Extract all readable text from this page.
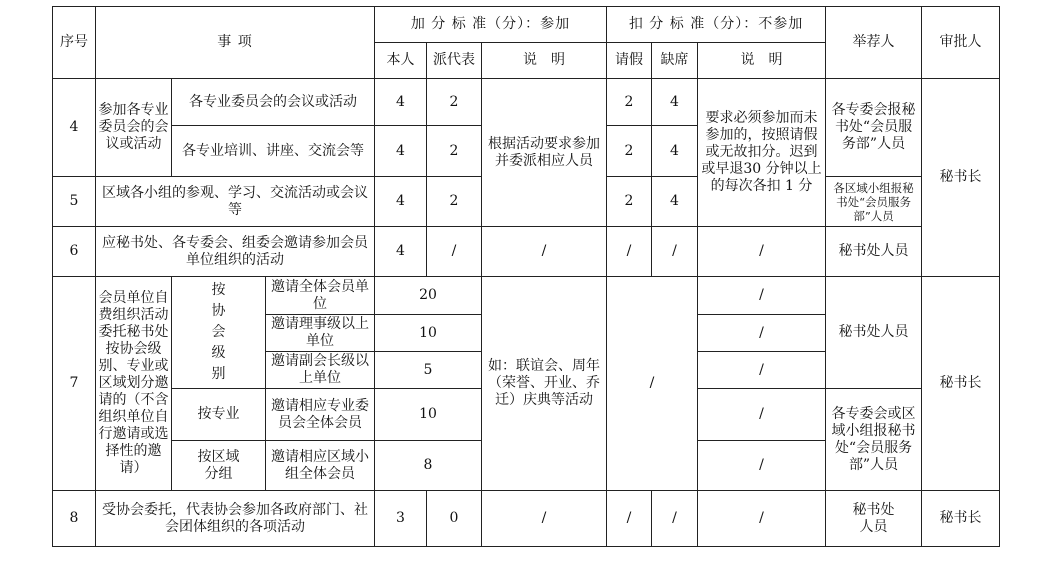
序号	事 项			加 分 标 准（分）：参加			扣 分 标 准（分）：不参加			举荐人	审批人
				本人	派代表	说　明	请假	缺席	说　明		
4	参加各专业委员会的会议或活动	各专业委员会的会议或活动		4	2	根据活动要求参加并委派相应人员	2	4	要求必须参加而未参加的，按照请假或无故扣分。迟到或早退30 分钟以上的每次各扣 1 分	各专委会报秘书处“会员服务部”人员	秘书长
		各专业培训、讲座、交流会等		4	2		2	4			
5	区域各小组的参观、学习、交流活动或会议等			4	2		2	4		各区域小组报秘书处“会员服务部”人员	
6	应秘书处、各专委会、组委会邀请参加会员单位组织的活动			4	/	/	/	/	/	秘书处人员	
7	会员单位自费组织活动委托秘书处按协会级别、专业或区域划分邀请的（不含组织单位自行邀请或选择性的邀请）	按协会级别	邀请全体会员单位	20		如：联谊会、周年（荣誉、开业、乔迁）庆典等活动	/		/	秘书处人员	秘书长
			邀请理事级以上单位	10					/		
			邀请副会长级以上单位	5					/		
		按专业	邀请相应专业委员会全体会员	10					/	各专委会或区域小组报秘书处“会员服务部”人员	

		按区域分组	邀请相应区域小组全体会员	8					/		
8	受协会委托，代表协会参加各政府部门、社会团体组织的各项活动			3	0	/	/	/	/	秘书处人员	秘书长
